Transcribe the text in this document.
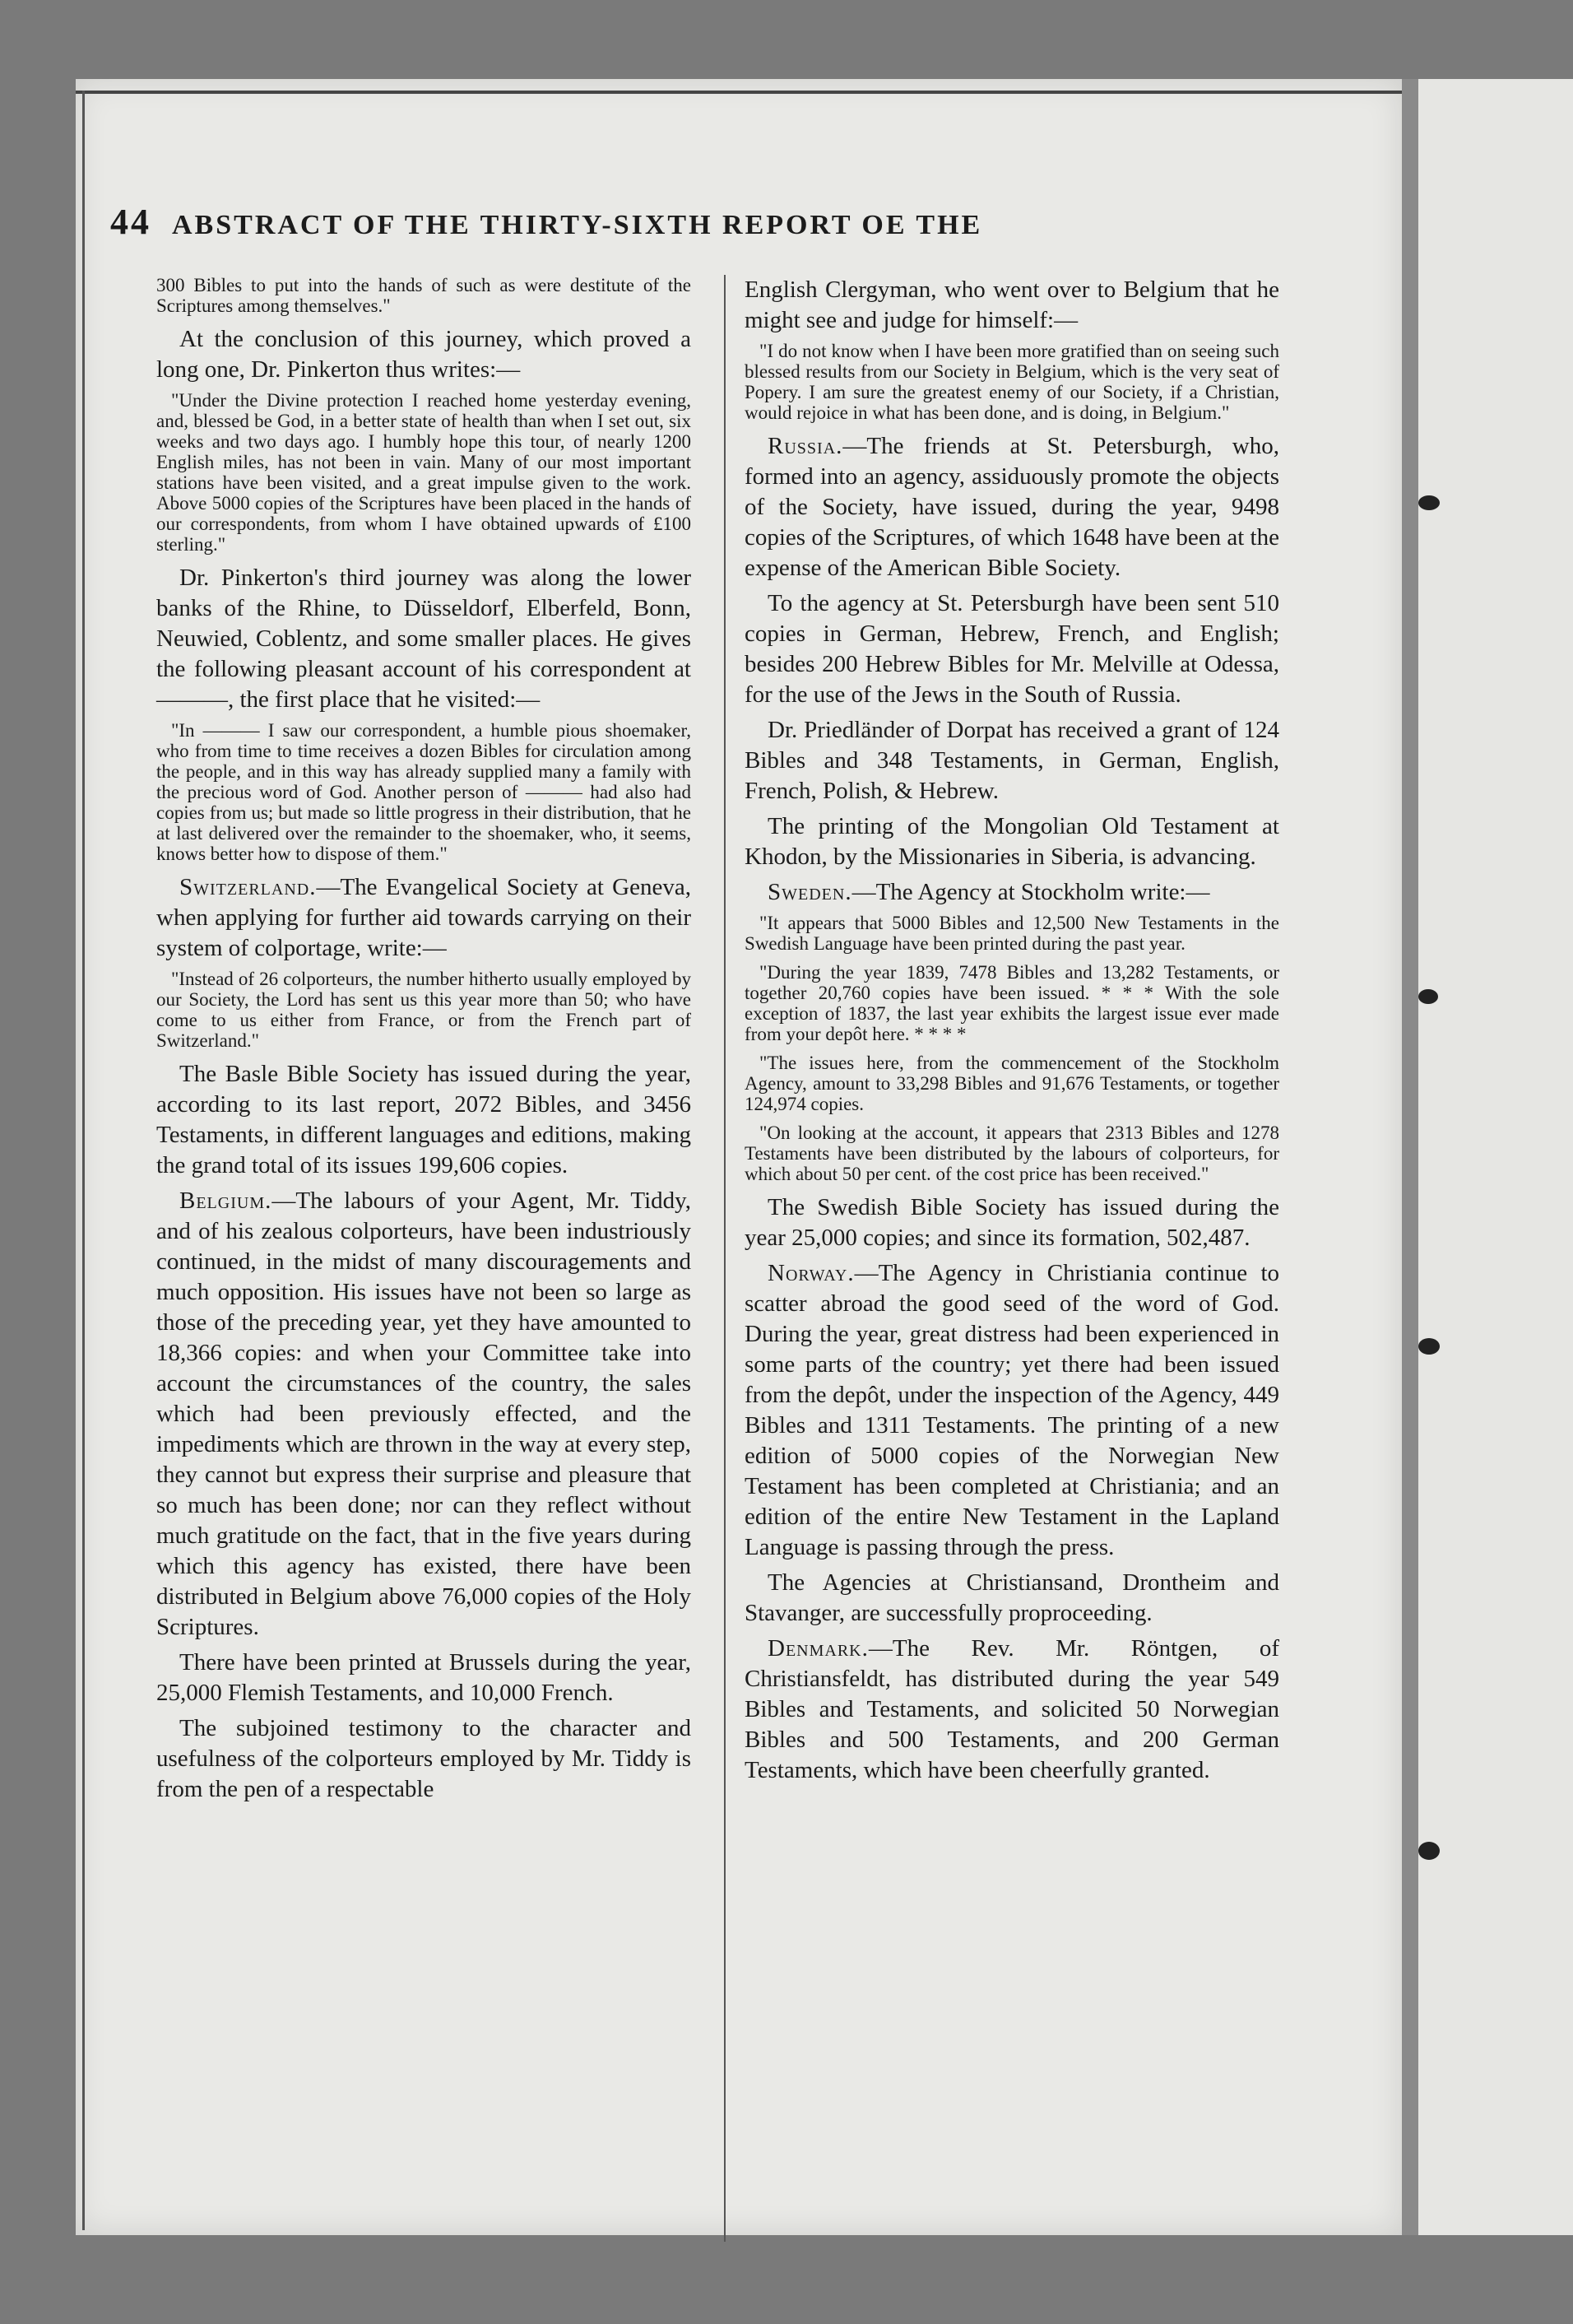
44 ABSTRACT OF THE THIRTY-SIXTH REPORT OE THE

300 Bibles to put into the hands of such as were destitute of the Scriptures among themselves."

At the conclusion of this journey, which proved a long one, Dr. Pinkerton thus writes:—

"Under the Divine protection I reached home yesterday evening, and, blessed be God, in a better state of health than when I set out, six weeks and two days ago. I humbly hope this tour, of nearly 1200 English miles, has not been in vain. Many of our most important stations have been visited, and a great impulse given to the work. Above 5000 copies of the Scriptures have been placed in the hands of our correspondents, from whom I have obtained upwards of £100 sterling."

Dr. Pinkerton's third journey was along the lower banks of the Rhine, to Düsseldorf, Elberfeld, Bonn, Neuwied, Coblentz, and some smaller places. He gives the following pleasant account of his correspondent at ———, the first place that he visited:—

"In ——— I saw our correspondent, a humble pious shoemaker, who from time to time receives a dozen Bibles for circulation among the people, and in this way has already supplied many a family with the precious word of God. Another person of ——— had also had copies from us; but made so little progress in their distribution, that he at last delivered over the remainder to the shoemaker, who, it seems, knows better how to dispose of them."

Switzerland.—The Evangelical Society at Geneva, when applying for further aid towards carrying on their system of colportage, write:—

"Instead of 26 colporteurs, the number hitherto usually employed by our Society, the Lord has sent us this year more than 50; who have come to us either from France, or from the French part of Switzerland."

The Basle Bible Society has issued during the year, according to its last report, 2072 Bibles, and 3456 Testaments, in different languages and editions, making the grand total of its issues 199,606 copies.

Belgium.—The labours of your Agent, Mr. Tiddy, and of his zealous colporteurs, have been industriously continued, in the midst of many discouragements and much opposition. His issues have not been so large as those of the preceding year, yet they have amounted to 18,366 copies: and when your Committee take into account the circumstances of the country, the sales which had been previously effected, and the impediments which are thrown in the way at every step, they cannot but express their surprise and pleasure that so much has been done; nor can they reflect without much gratitude on the fact, that in the five years during which this agency has existed, there have been distributed in Belgium above 76,000 copies of the Holy Scriptures.

There have been printed at Brussels during the year, 25,000 Flemish Testaments, and 10,000 French.

The subjoined testimony to the character and usefulness of the colporteurs employed by Mr. Tiddy is from the pen of a respectable

English Clergyman, who went over to Belgium that he might see and judge for himself:—

"I do not know when I have been more gratified than on seeing such blessed results from our Society in Belgium, which is the very seat of Popery. I am sure the greatest enemy of our Society, if a Christian, would rejoice in what has been done, and is doing, in Belgium."

Russia.—The friends at St. Petersburgh, who, formed into an agency, assiduously promote the objects of the Society, have issued, during the year, 9498 copies of the Scriptures, of which 1648 have been at the expense of the American Bible Society.

To the agency at St. Petersburgh have been sent 510 copies in German, Hebrew, French, and English; besides 200 Hebrew Bibles for Mr. Melville at Odessa, for the use of the Jews in the South of Russia.

Dr. Priedländer of Dorpat has received a grant of 124 Bibles and 348 Testaments, in German, English, French, Polish, & Hebrew.

The printing of the Mongolian Old Testament at Khodon, by the Missionaries in Siberia, is advancing.

Sweden.—The Agency at Stockholm write:—

"It appears that 5000 Bibles and 12,500 New Testaments in the Swedish Language have been printed during the past year.

"During the year 1839, 7478 Bibles and 13,282 Testaments, or together 20,760 copies have been issued. * * * With the sole exception of 1837, the last year exhibits the largest issue ever made from your depôt here. * * * *

"The issues here, from the commencement of the Stockholm Agency, amount to 33,298 Bibles and 91,676 Testaments, or together 124,974 copies.

"On looking at the account, it appears that 2313 Bibles and 1278 Testaments have been distributed by the labours of colporteurs, for which about 50 per cent. of the cost price has been received."

The Swedish Bible Society has issued during the year 25,000 copies; and since its formation, 502,487.

Norway.—The Agency in Christiania continue to scatter abroad the good seed of the word of God. During the year, great distress had been experienced in some parts of the country; yet there had been issued from the depôt, under the inspection of the Agency, 449 Bibles and 1311 Testaments. The printing of a new edition of 5000 copies of the Norwegian New Testament has been completed at Christiania; and an edition of the entire New Testament in the Lapland Language is passing through the press.

The Agencies at Christiansand, Drontheim and Stavanger, are successfully proproceeding.

Denmark.—The Rev. Mr. Röntgen, of Christiansfeldt, has distributed during the year 549 Bibles and Testaments, and solicited 50 Norwegian Bibles and 500 Testaments, and 200 German Testaments, which have been cheerfully granted.
